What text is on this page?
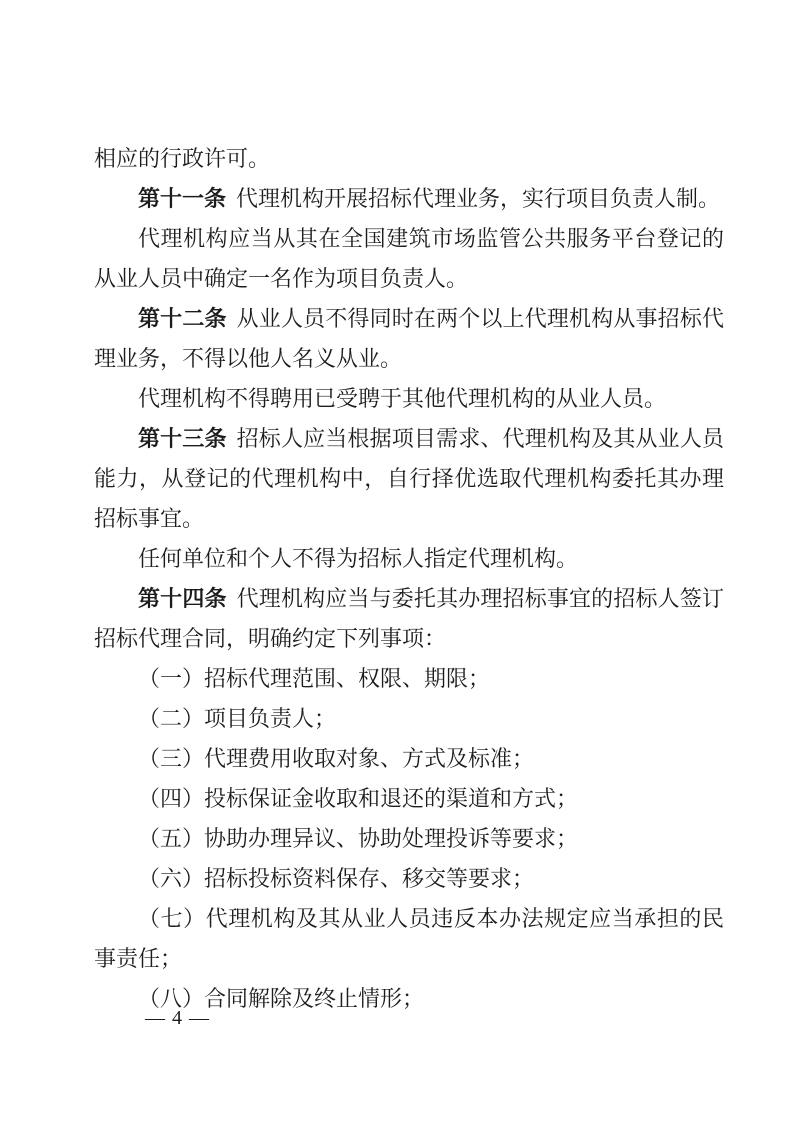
相应的行政许可。

第十一条 代理机构开展招标代理业务，实行项目负责人制。

代理机构应当从其在全国建筑市场监管公共服务平台登记的从业人员中确定一名作为项目负责人。

第十二条 从业人员不得同时在两个以上代理机构从事招标代理业务，不得以他人名义从业。

代理机构不得聘用已受聘于其他代理机构的从业人员。

第十三条 招标人应当根据项目需求、代理机构及其从业人员能力，从登记的代理机构中，自行择优选取代理机构委托其办理招标事宜。

任何单位和个人不得为招标人指定代理机构。

第十四条 代理机构应当与委托其办理招标事宜的招标人签订招标代理合同，明确约定下列事项：

（一）招标代理范围、权限、期限；

（二）项目负责人；

（三）代理费用收取对象、方式及标准；

（四）投标保证金收取和退还的渠道和方式；

（五）协助办理异议、协助处理投诉等要求；

（六）招标投标资料保存、移交等要求；

（七）代理机构及其从业人员违反本办法规定应当承担的民事责任；

（八）合同解除及终止情形；

— 4 —
